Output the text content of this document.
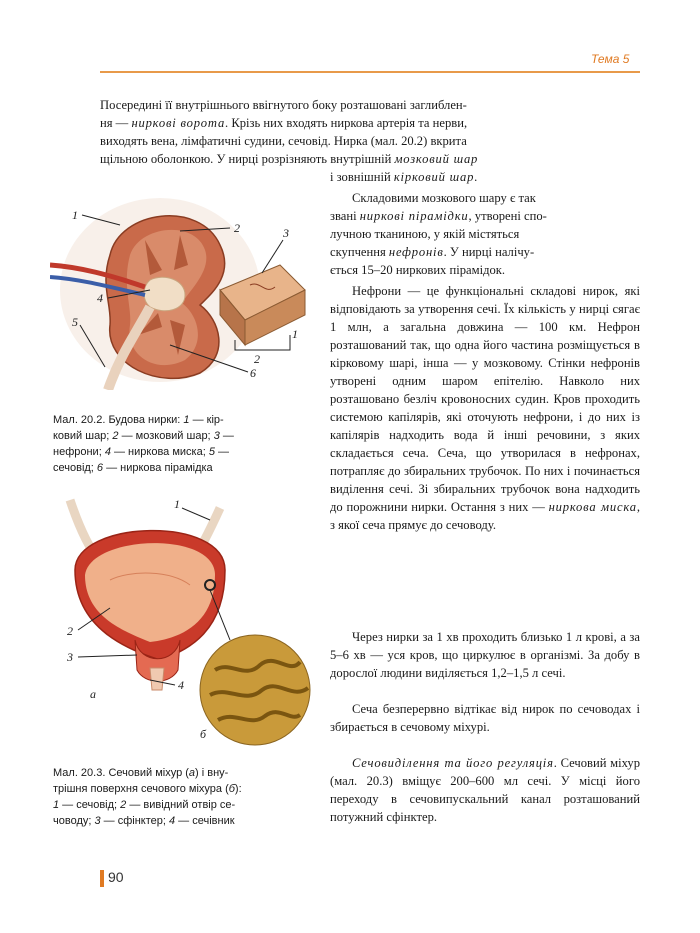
Тема 5
Посередині її внутрішнього ввігнутого боку розташовані заглиблен-
ня — ниркові ворота. Крізь них входять ниркова артерія та нерви,
виходять вена, лімфатичні судини, сечовід. Нирка (мал. 20.2) вкрита
щільною оболонкою. У нирці розрізняють внутрішній мозковий шар
і зовнішній кірковий шар.
Складовими мозкового шару є так
звані ниркові пірамідки, утворені спо-
лучною тканиною, у якій містяться
скупчення нефронів. У нирці налічу-
ється 15–20 ниркових пірамідок.
Нефрони — це функціональні складові нирок, які відповідають за утворення сечі. Їх кількість у нирці сягає 1 млн, а загальна довжина — 100 км. Нефрон розташований так, що одна його частина розміщується в кірковому шарі, інша — у мозковому. Стінки нефронів утворені одним шаром епітелію. Навколо них розташовано безліч кровоносних судин. Кров проходить системою капілярів, які оточують нефрони, і до них із капілярів надходить вода й інші речовини, з яких складається сеча. Сеча, що утворилася в нефронах, потрапляє до збиральних трубочок. По них і починається виділення сечі. Зі збиральних трубочок вона надходить до порожнини нирки. Остання з них — ниркова миска, з якої сеча прямує до сечоводу.
Через нирки за 1 хв проходить близько 1 л крові, а за 5–6 хв — уся кров, що циркулює в організмі. За добу в дорослої людини виділяється 1,2–1,5 л сечі.
Сеча безперервно відтікає від нирок по сечоводах і збирається в сечовому міхурі.
Сечовиділення та його регуляція. Сечовий міхур (мал. 20.3) вміщує 200–600 мл сечі. У місці його переходу в сечовипускальний канал розташований потужний сфінктер.
1
2	3
4
5
6
1
2
Мал. 20.2. Будова нирки: 1 — кір-
ковий шар; 2 — мозковий шар; 3 —
нефрони; 4 — ниркова миска; 5 —
сечовід; 6 — ниркова пірамідка
1
2
3
4
а
б
Мал. 20.3. Сечовий міхур (а) і вну-
трішня поверхня сечового міхура (б):
1 — сечовід; 2 — вивідний отвір се-
човоду; 3 — сфінктер; 4 — сечівник
90
